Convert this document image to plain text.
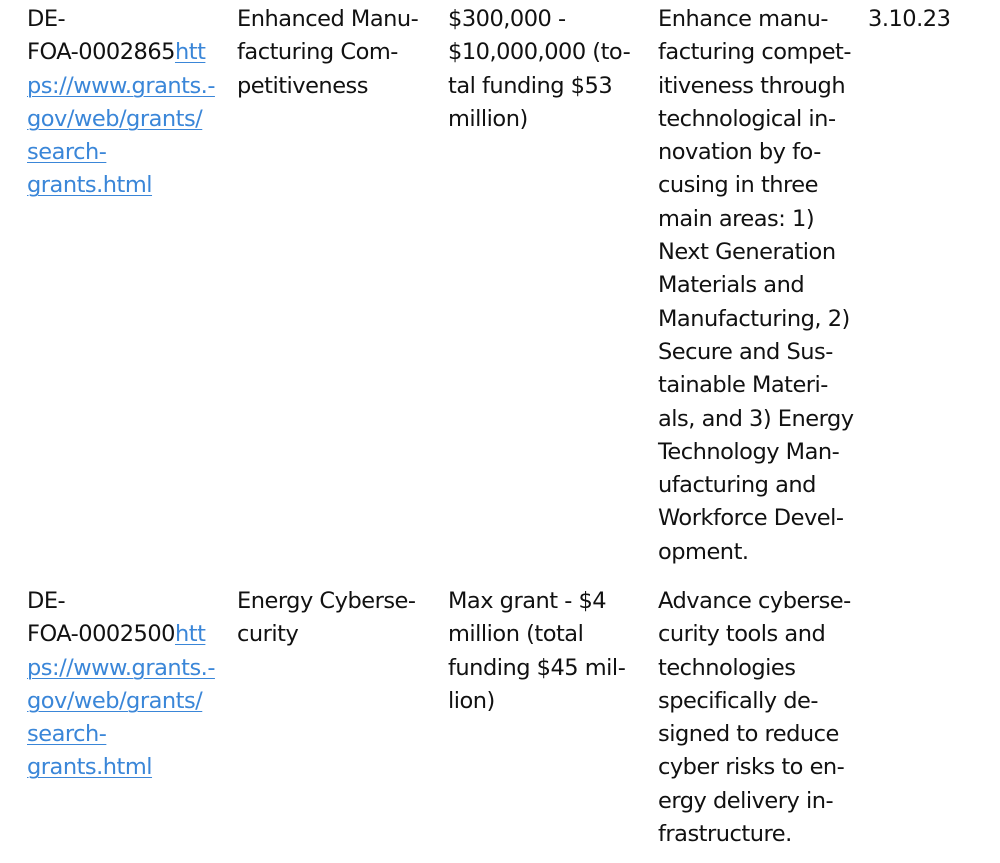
DE-
FOA-0002865htt
ps://www.grants.-
gov/web/grants/
search-
grants.html
Enhanced Manu-
facturing Com-
petitiveness
$300,000 -
$10,000,000 (to-
tal funding $53
million)
Enhance manu-
facturing compet-
itiveness through
technological in-
novation by fo-
cusing in three
main areas: 1)
Next Generation
Materials and
Manufacturing, 2)
Secure and Sus-
tainable Materi-
als, and 3) Energy
Technology Man-
ufacturing and
Workforce Devel-
opment.
3.10.23
DE-
FOA-0002500htt
ps://www.grants.-
gov/web/grants/
search-
grants.html
Energy Cyberse-
curity
Max grant - $4
million (total
funding $45 mil-
lion)
Advance cyberse-
curity tools and
technologies
specifically de-
signed to reduce
cyber risks to en-
ergy delivery in-
frastructure.
